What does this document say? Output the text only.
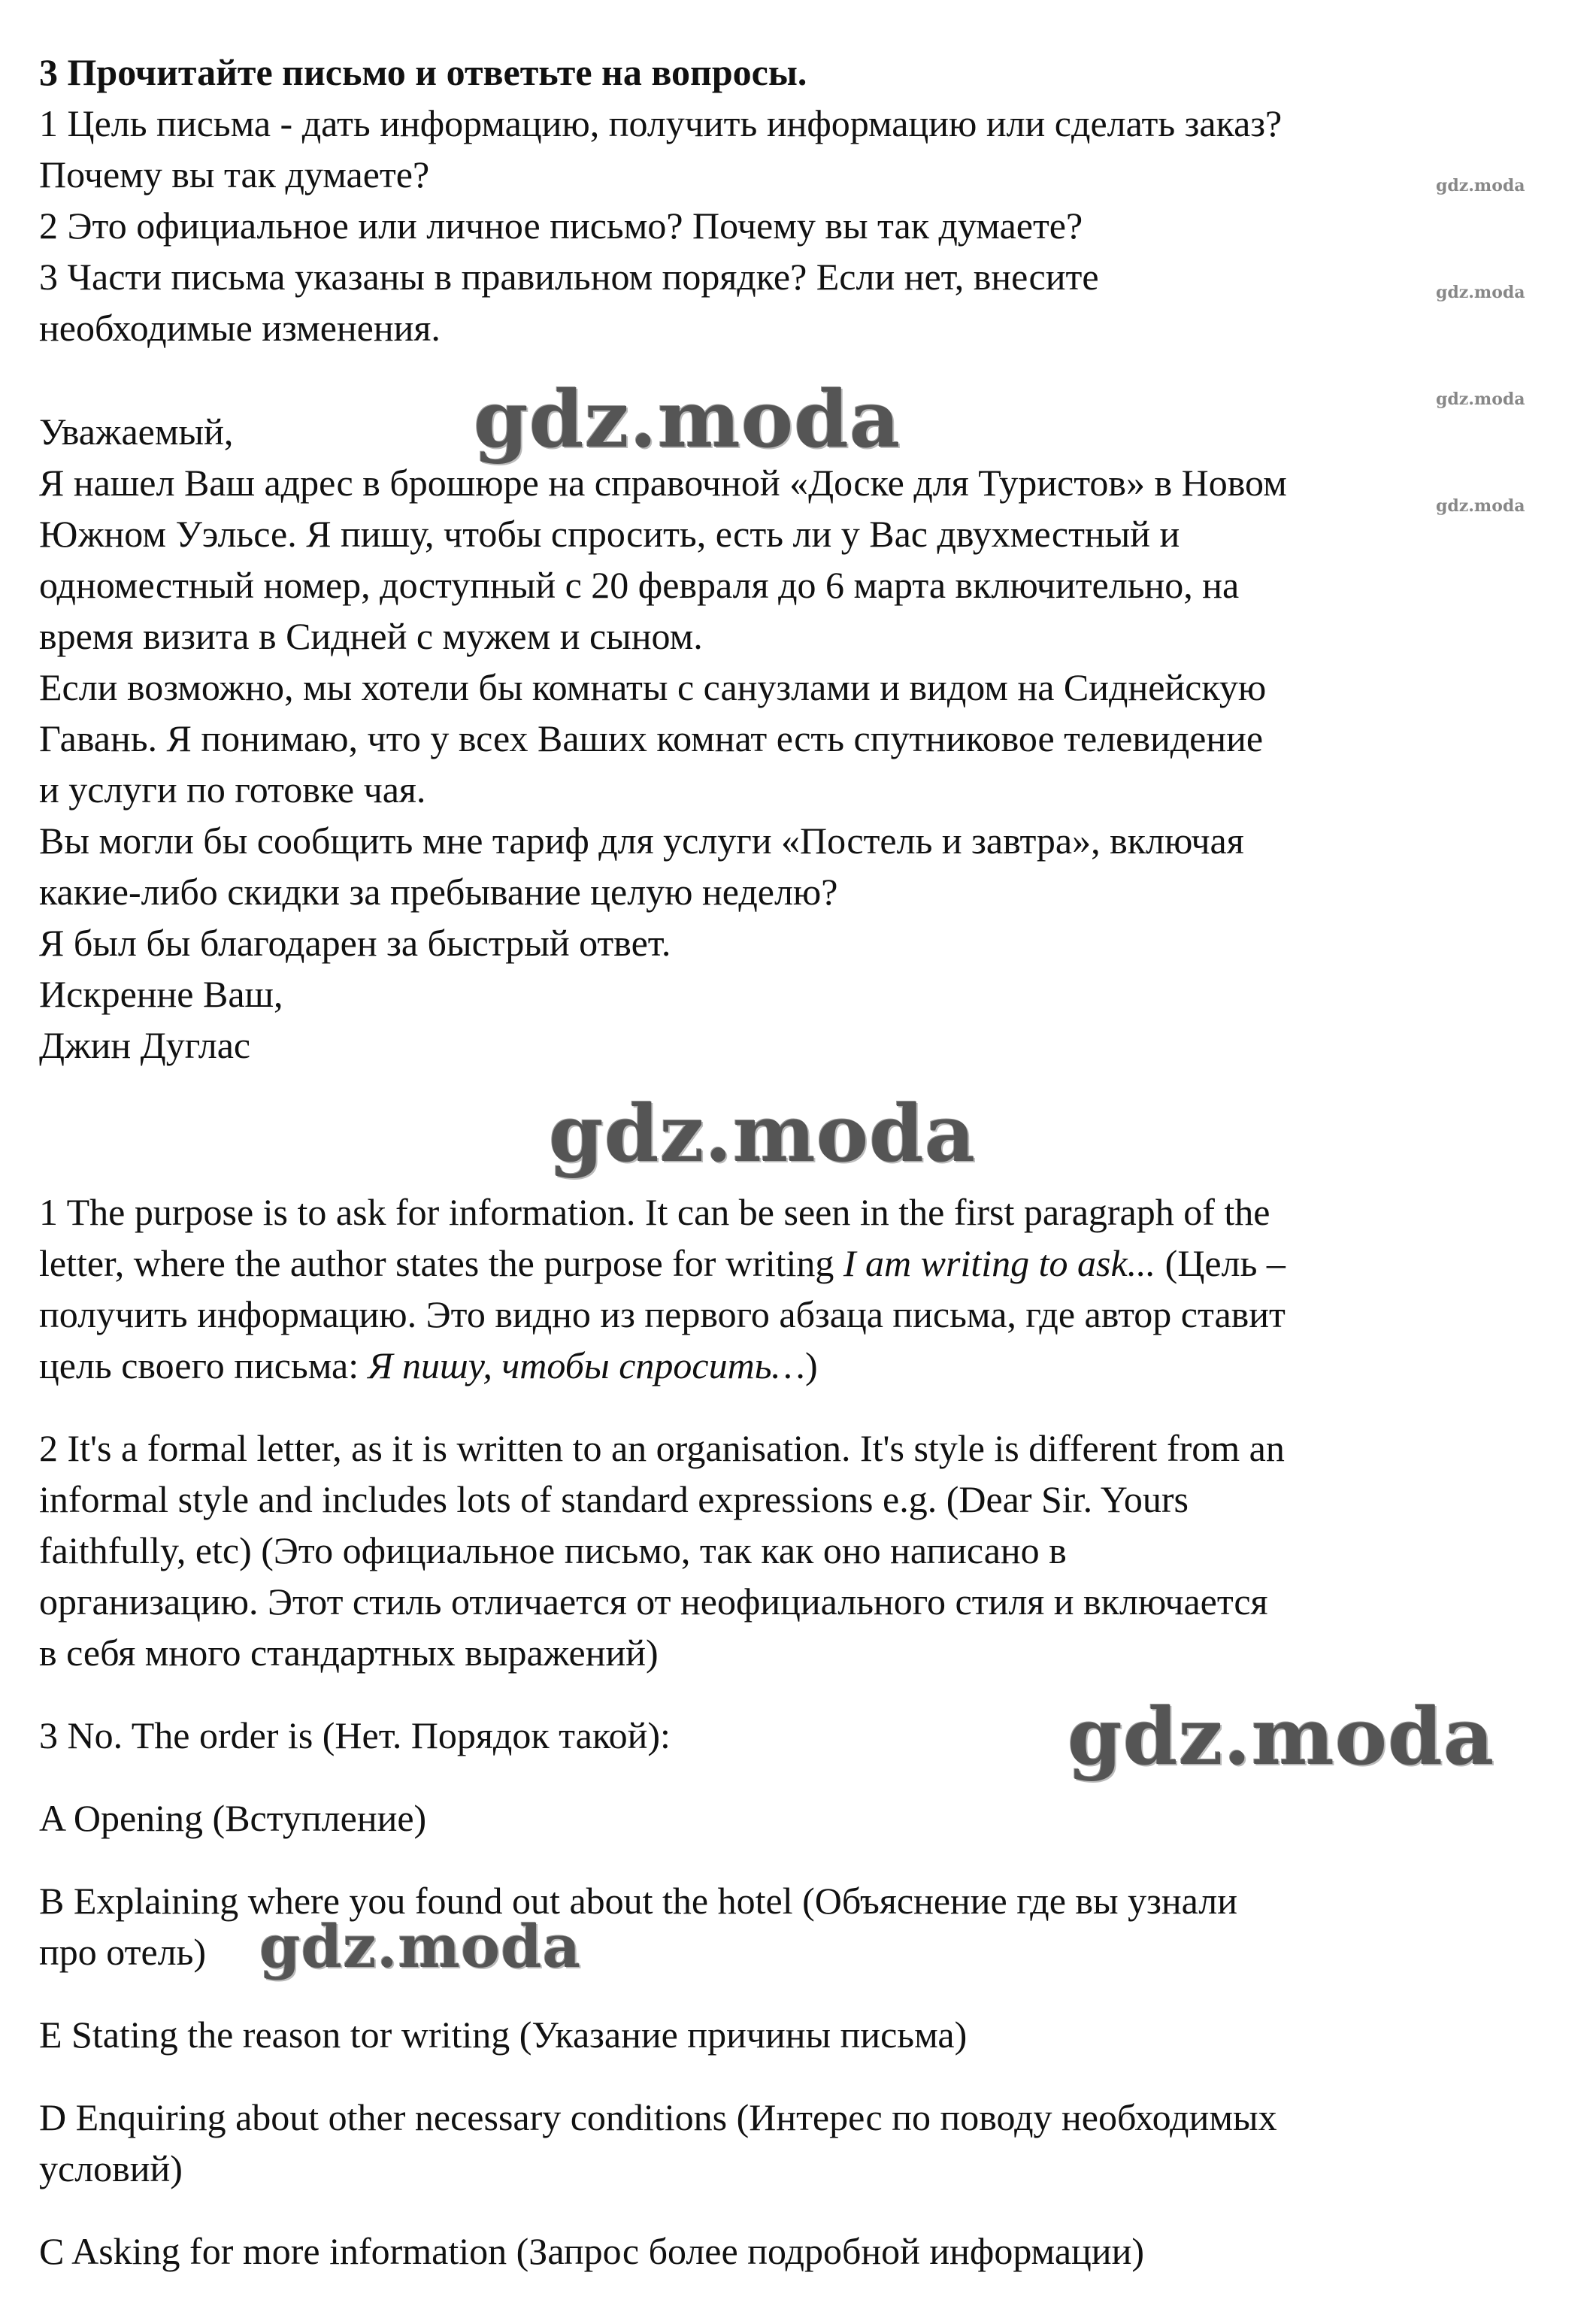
3 Прочитайте письмо и ответьте на вопросы.
1 Цель письма - дать информацию, получить информацию или сделать заказ?
Почему вы так думаете?
2 Это официальное или личное письмо? Почему вы так думаете?
3 Части письма указаны в правильном порядке? Если нет, внесите
необходимые изменения.
Уважаемый,
Я нашел Ваш адрес в брошюре на справочной «Доске для Туристов» в Новом
Южном Уэльсе. Я пишу, чтобы спросить, есть ли у Вас двухместный и
одноместный номер, доступный с 20 февраля до 6 марта включительно, на
время визита в Сидней с мужем и сыном.
Если возможно, мы хотели бы комнаты с санузлами и видом на Сиднейскую
Гавань. Я понимаю, что у всех Ваших комнат есть спутниковое телевидение
и услуги по готовке чая.
Вы могли бы сообщить мне тариф для услуги «Постель и завтра», включая
какие-либо скидки за пребывание целую неделю?
Я был бы благодарен за быстрый ответ.
Искренне Ваш,
Джин Дуглас
1 The purpose is to ask for information. It can be seen in the first paragraph of the
letter, where the author states the purpose for writing I am writing to ask... (Цель –
получить информацию. Это видно из первого абзаца письма, где автор ставит
цель своего письма: Я пишу, чтобы спросить…)
2 It's a formal letter, as it is written to an organisation. It's style is different from an
informal style and includes lots of standard expressions e.g. (Dear Sir. Yours
faithfully, etc) (Это официальное письмо, так как оно написано в
организацию. Этот стиль отличается от неофициального стиля и включается
в себя много стандартных выражений)
3 No. The order is (Нет. Порядок такой):
A Opening (Вступление)
B Explaining where you found out about the hotel (Объяснение где вы узнали
про отель)
E Stating the reason tor writing (Указание причины письма)
D Enquiring about other necessary conditions (Интерес по поводу необходимых
условий)
C Asking for more information (Запрос более подробной информации)
gdz.moda
gdz.moda
gdz.moda
gdz.moda
gdz.moda
gdz.moda
gdz.moda
gdz.moda
